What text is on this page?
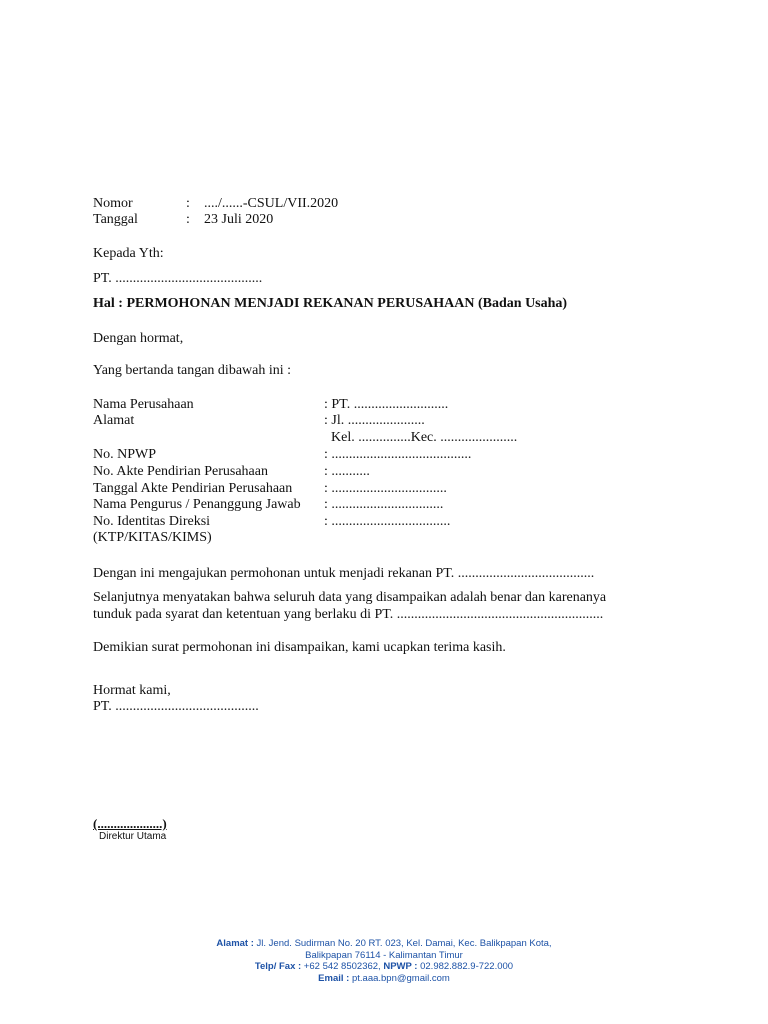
Nomor	: ..../......-CSUL/VII.2020
Tanggal	: 23 Juli 2020
Kepada Yth:
PT. ..........................................
Hal : PERMOHONAN MENJADI REKANAN PERUSAHAAN (Badan Usaha)
Dengan hormat,
Yang bertanda tangan dibawah ini :
Nama Perusahaan	: PT. ...........................
Alamat	: Jl. ......................
Kel. ...............Kec. ......................
No. NPWP	: ........................................
No. Akte Pendirian Perusahaan	: ...........
Tanggal Akte Pendirian Perusahaan : .................................
Nama Pengurus / Penanggung Jawab : ................................
No. Identitas Direksi	: ..................................
(KTP/KITAS/KIMS)
Dengan ini mengajukan permohonan untuk menjadi rekanan PT. .......................................
Selanjutnya menyatakan bahwa seluruh data yang disampaikan adalah benar dan karenanya
tunduk pada syarat dan ketentuan yang berlaku di PT. ...........................................................
Demikian surat permohonan ini disampaikan, kami ucapkan terima kasih.
Hormat kami,
PT. .........................................
(....................)
Direktur Utama
Alamat : Jl. Jend. Sudirman No. 20 RT. 023, Kel. Damai, Kec. Balikpapan Kota,
Balikpapan 76114 - Kalimantan Timur
Telp/ Fax : +62 542 8502362, NPWP : 02.982.882.9-722.000
Email : pt.aaa.bpn@gmail.com
